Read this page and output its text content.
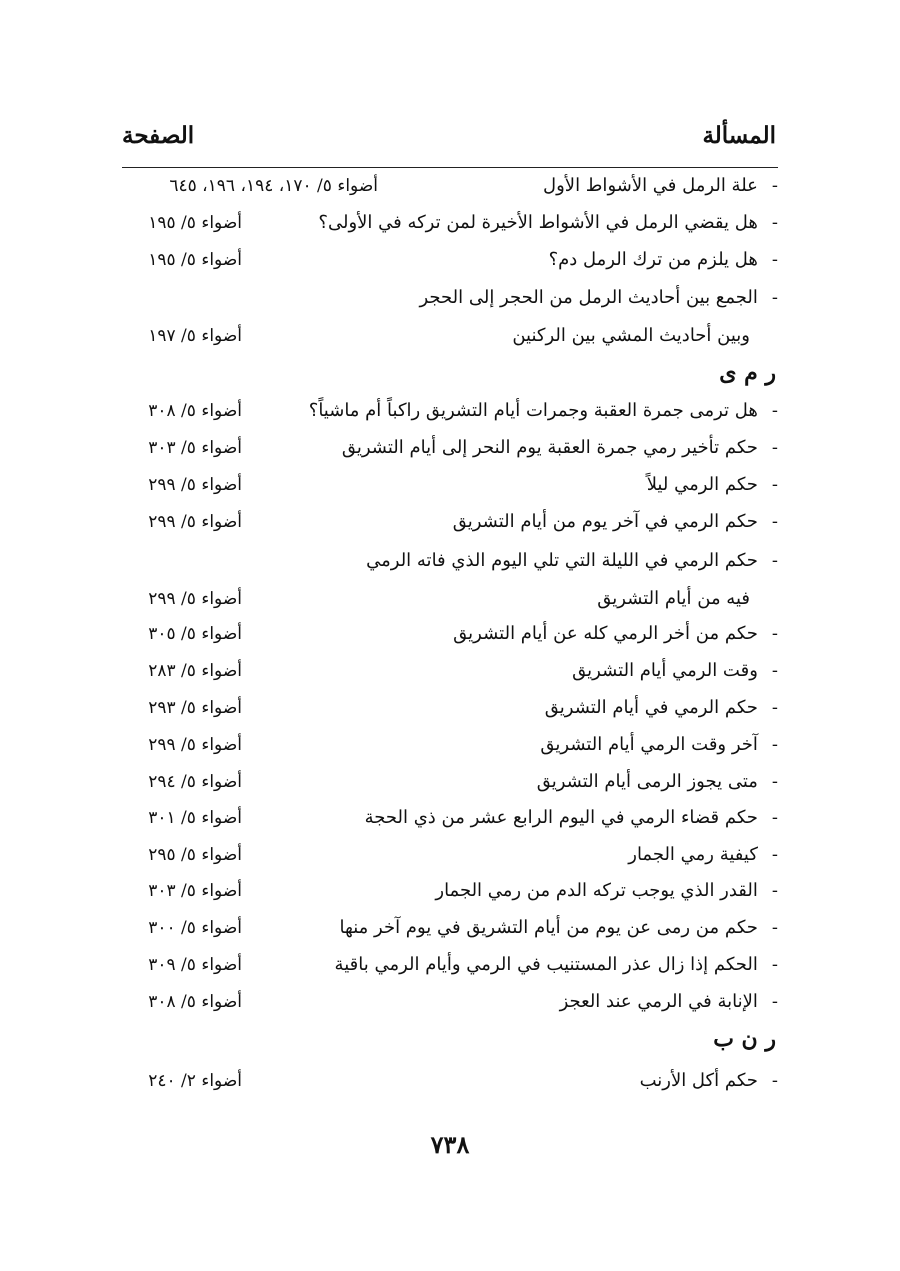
الصفحة	المسألة
-علة الرمل في الأشواط الأول
أضواء ٥/ ١٧٠، ١٩٤، ١٩٦، ٦٤٥
-هل يقضي الرمل في الأشواط الأخيرة لمن تركه في الأولى؟
أضواء ٥/ ١٩٥
-هل يلزم من ترك الرمل دم؟
أضواء ٥/ ١٩٥
-الجمع بين أحاديث الرمل من الحجر إلى الحجر
وبين أحاديث المشي بين الركنين
أضواء ٥/ ١٩٧
ر م ى
-هل ترمى جمرة العقبة وجمرات أيام التشريق راكباً أم ماشياً؟
أضواء ٥/ ٣٠٨
-حكم تأخير رمي جمرة العقبة يوم النحر إلى أيام التشريق
أضواء ٥/ ٣٠٣
-حكم الرمي ليلاً
أضواء ٥/ ٢٩٩
-حكم الرمي في آخر يوم من أيام التشريق
أضواء ٥/ ٢٩٩
-حكم الرمي في الليلة التي تلي اليوم الذي فاته الرمي
فيه من أيام التشريق
أضواء ٥/ ٢٩٩
-حكم من أخر الرمي كله عن أيام التشريق
أضواء ٥/ ٣٠٥
-وقت الرمي أيام التشريق
أضواء ٥/ ٢٨٣
-حكم الرمي في أيام التشريق
أضواء ٥/ ٢٩٣
-آخر وقت الرمي أيام التشريق
أضواء ٥/ ٢٩٩
-متى يجوز الرمى أيام التشريق
أضواء ٥/ ٢٩٤
-حكم قضاء الرمي في اليوم الرابع عشر من ذي الحجة
أضواء ٥/ ٣٠١
-كيفية رمي الجمار
أضواء ٥/ ٢٩٥
-القدر الذي يوجب تركه الدم من رمي الجمار
أضواء ٥/ ٣٠٣
-حكم من رمى عن يوم من أيام التشريق في يوم آخر منها
أضواء ٥/ ٣٠٠
-الحكم إذا زال عذر المستنيب في الرمي وأيام الرمي باقية
أضواء ٥/ ٣٠٩
-الإنابة في الرمي عند العجز
أضواء ٥/ ٣٠٨
ر ن ب
-حكم أكل الأرنب
أضواء ٢/ ٢٤٠
٧٣٨
